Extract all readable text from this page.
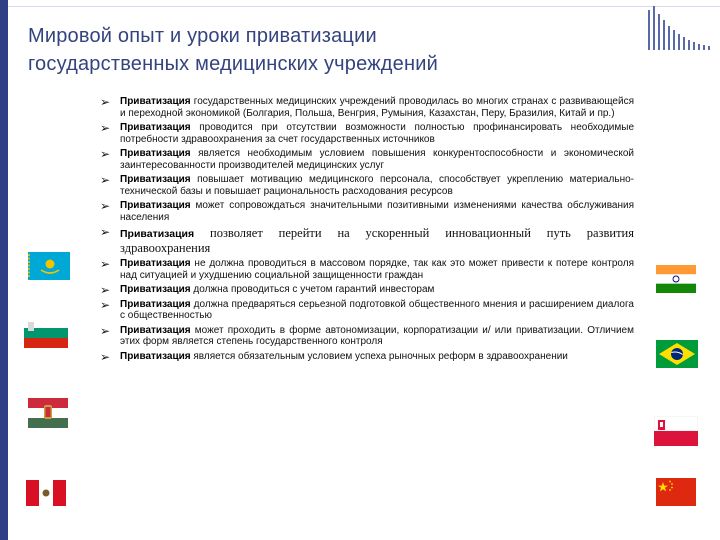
Мировой опыт и уроки приватизации
государственных медицинских учреждений
➢ Приватизация государственных медицинских учреждений проводилась во многих странах с развивающейся и переходной экономикой (Болгария, Польша, Венгрия, Румыния, Казахстан, Перу, Бразилия, Китай и пр.)
➢ Приватизация проводится при отсутствии возможности полностью профинансировать необходимые потребности здравоохранения за счет государственных источников
➢ Приватизация является необходимым условием повышения конкурентоспособности и экономической заинтересованности производителей медицинских услуг
➢ Приватизация повышает мотивацию медицинского персонала, способствует укреплению материально-технической базы и повышает рациональность расходования ресурсов
➢ Приватизация может сопровождаться значительными позитивными изменениями качества обслуживания населения
➢ Приватизация позволяет перейти на ускоренный инновационный путь развития здравоохранения
➢ Приватизация не должна проводиться в массовом порядке, так как это может привести к потере контроля над ситуацией и ухудшению социальной защищенности граждан
➢ Приватизация должна проводиться с учетом гарантий инвесторам
➢ Приватизация должна предваряться серьезной подготовкой общественного мнения и расширением диалога с общественностью
➢ Приватизация может проходить в форме автономизации, корпоратизации и/ или приватизации. Отличием этих форм является степень государственного контроля
➢ Приватизация является обязательным условием успеха рыночных реформ в здравоохранении
